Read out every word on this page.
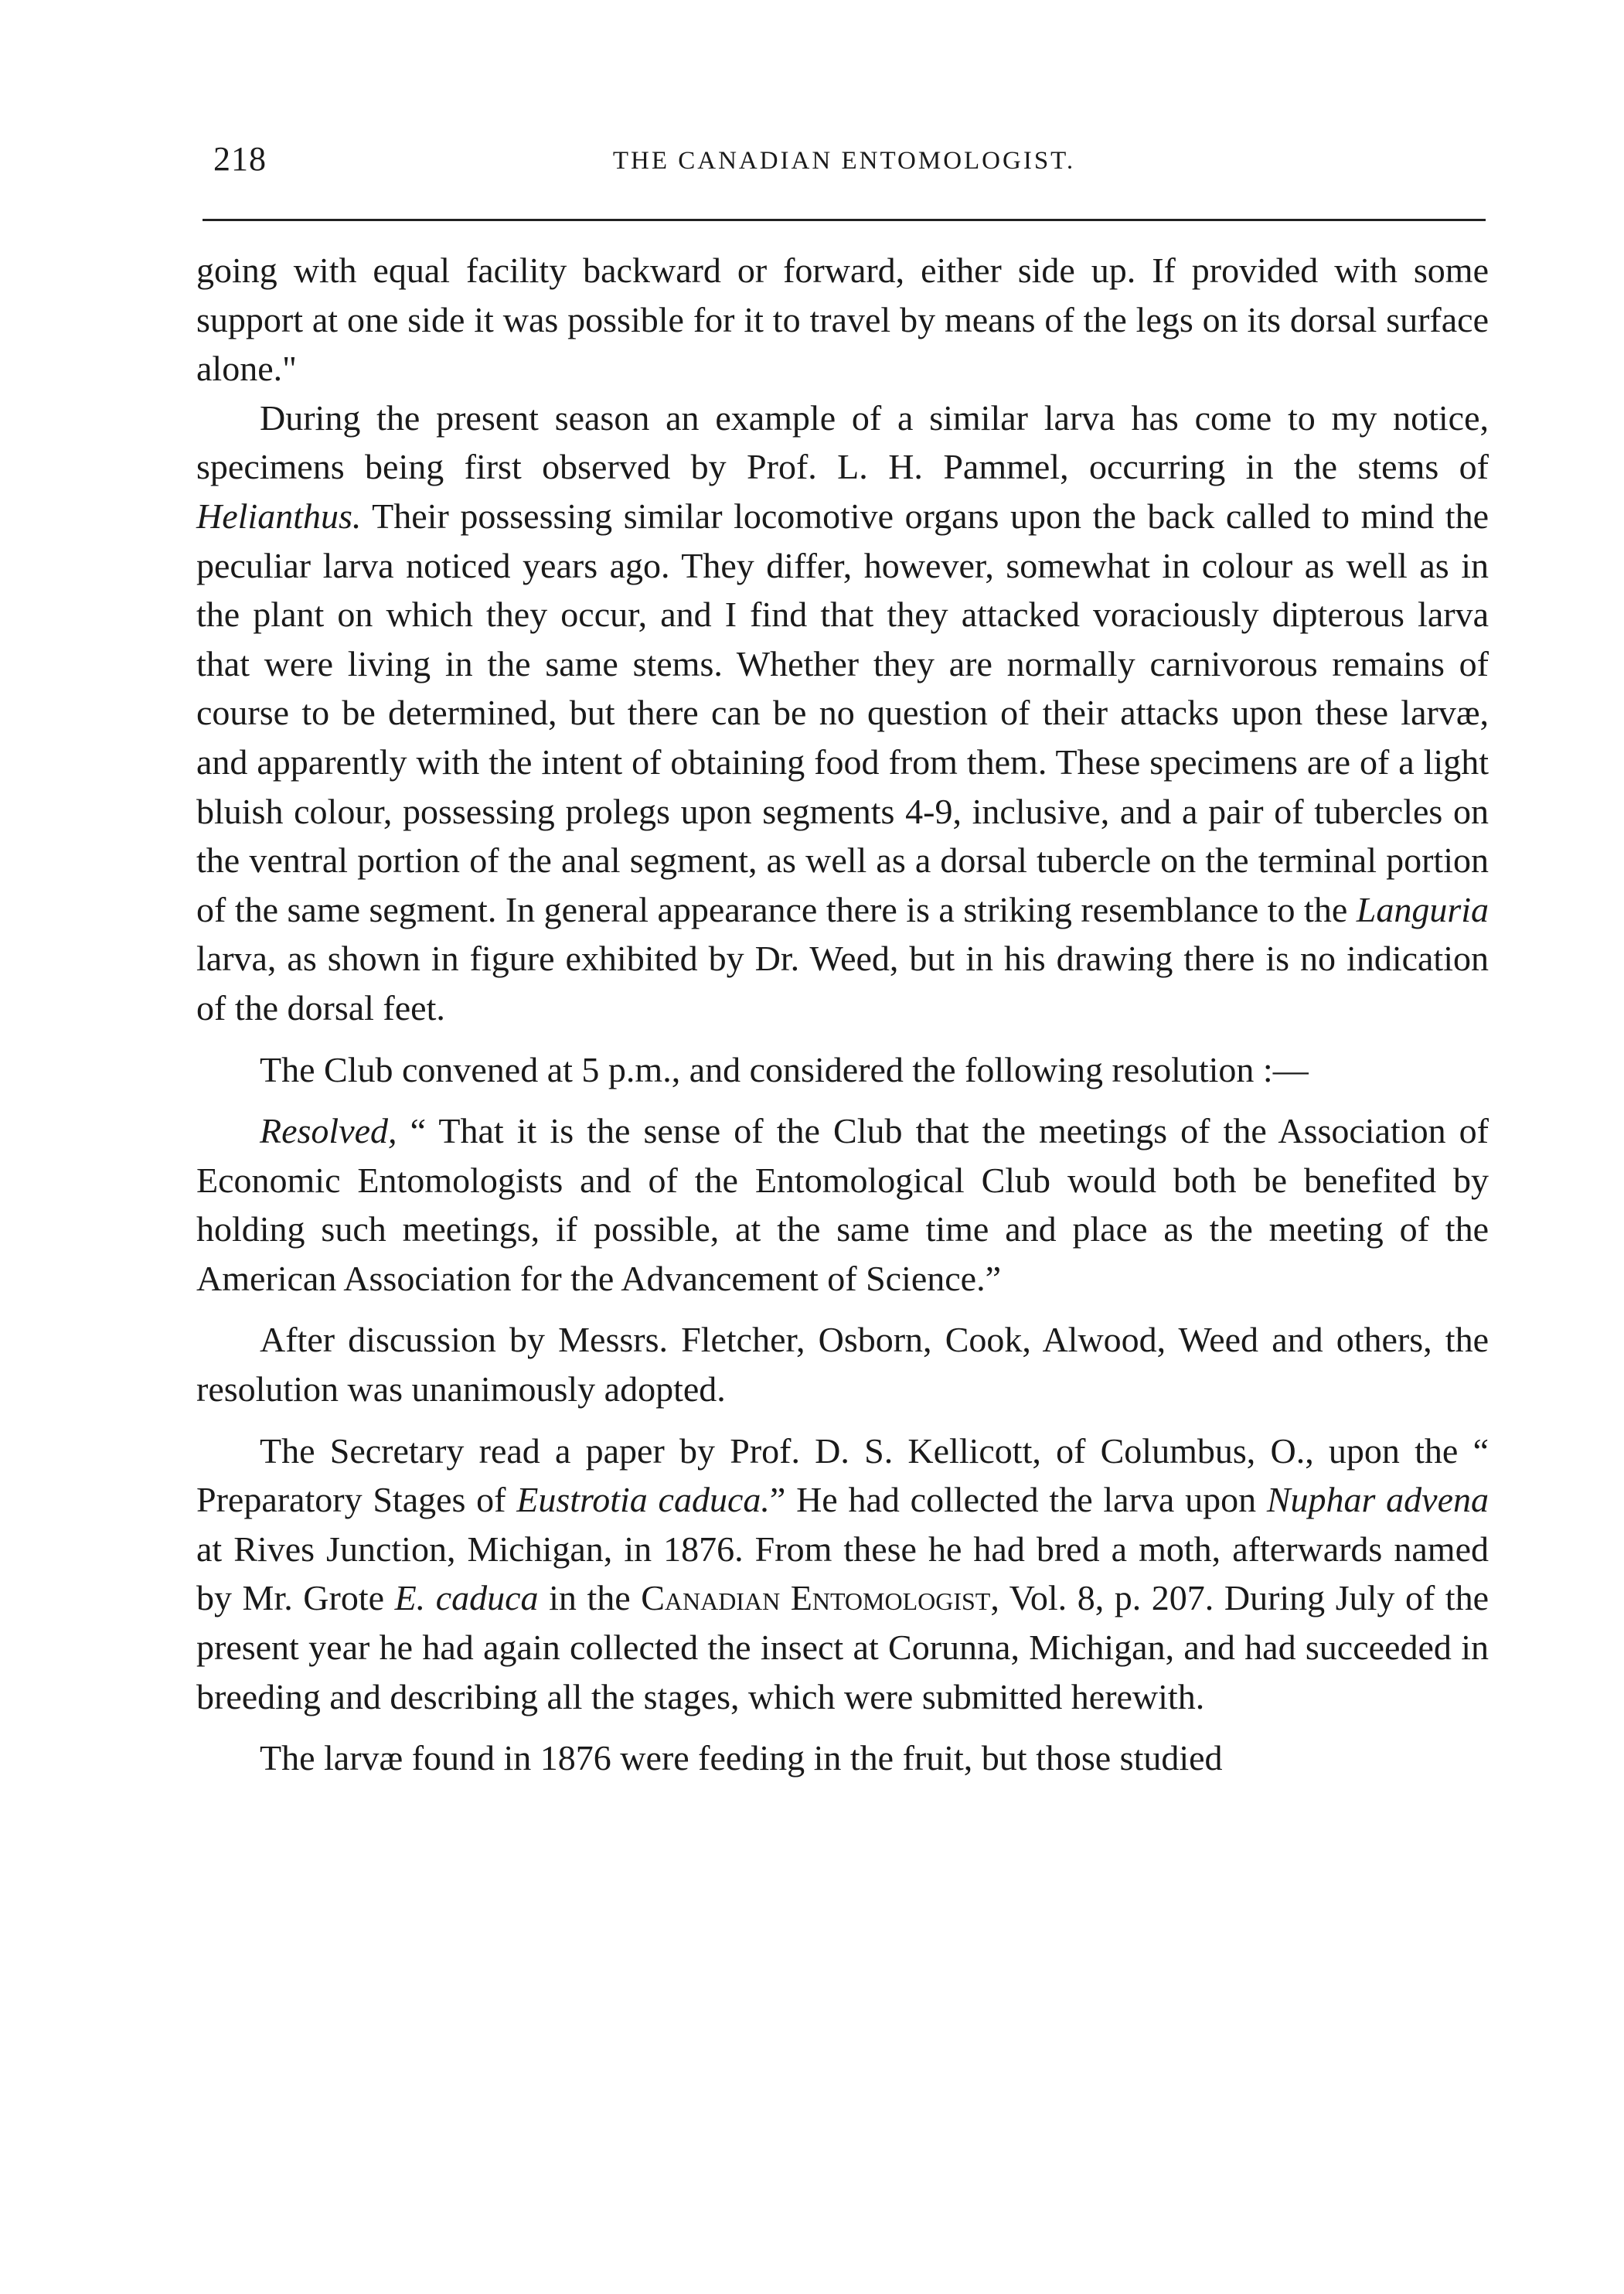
218	THE CANADIAN ENTOMOLOGIST.

going with equal facility backward or forward, either side up. If provided with some support at one side it was possible for it to travel by means of the legs on its dorsal surface alone."

During the present season an example of a similar larva has come to my notice, specimens being first observed by Prof. L. H. Pammel, occurring in the stems of Helianthus. Their possessing similar locomotive organs upon the back called to mind the peculiar larva noticed years ago. They differ, however, somewhat in colour as well as in the plant on which they occur, and I find that they attacked voraciously dipterous larva that were living in the same stems. Whether they are normally carnivorous remains of course to be determined, but there can be no question of their attacks upon these larvæ, and apparently with the intent of obtaining food from them. These specimens are of a light bluish colour, possessing prolegs upon segments 4-9, inclusive, and a pair of tubercles on the ventral portion of the anal segment, as well as a dorsal tubercle on the terminal portion of the same segment. In general appearance there is a striking resemblance to the Languria larva, as shown in figure exhibited by Dr. Weed, but in his drawing there is no indication of the dorsal feet.

The Club convened at 5 p.m., and considered the following resolution :—

Resolved, “ That it is the sense of the Club that the meetings of the Association of Economic Entomologists and of the Entomological Club would both be benefited by holding such meetings, if possible, at the same time and place as the meeting of the American Association for the Advancement of Science.”

After discussion by Messrs. Fletcher, Osborn, Cook, Alwood, Weed and others, the resolution was unanimously adopted.

The Secretary read a paper by Prof. D. S. Kellicott, of Columbus, O., upon the “ Preparatory Stages of Eustrotia caduca.” He had collected the larva upon Nuphar advena at Rives Junction, Michigan, in 1876. From these he had bred a moth, afterwards named by Mr. Grote E. caduca in the Canadian Entomologist, Vol. 8, p. 207. During July of the present year he had again collected the insect at Corunna, Michigan, and had succeeded in breeding and describing all the stages, which were submitted herewith.

The larvæ found in 1876 were feeding in the fruit, but those studied
